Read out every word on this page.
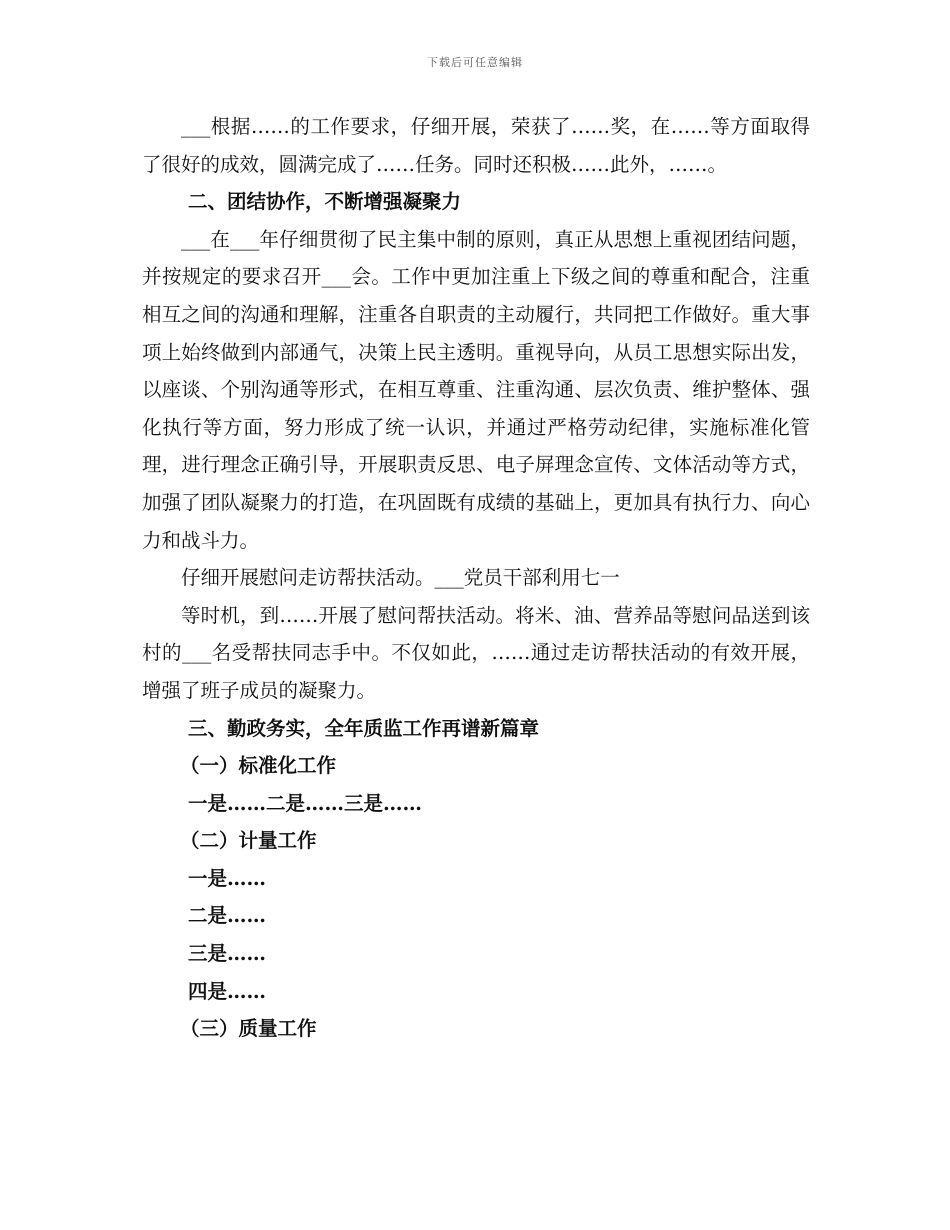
下载后可任意编辑

___根据……的工作要求，仔细开展，荣获了……奖，在……等方面取得了很好的成效，圆满完成了……任务。同时还积极……此外，……。

二、团结协作，不断增强凝聚力

___在___年仔细贯彻了民主集中制的原则，真正从思想上重视团结问题，并按规定的要求召开___会。工作中更加注重上下级之间的尊重和配合，注重相互之间的沟通和理解，注重各自职责的主动履行，共同把工作做好。重大事项上始终做到内部通气，决策上民主透明。重视导向，从员工思想实际出发，以座谈、个别沟通等形式，在相互尊重、注重沟通、层次负责、维护整体、强化执行等方面，努力形成了统一认识，并通过严格劳动纪律，实施标准化管理，进行理念正确引导，开展职责反思、电子屏理念宣传、文体活动等方式，加强了团队凝聚力的打造，在巩固既有成绩的基础上，更加具有执行力、向心力和战斗力。

仔细开展慰问走访帮扶活动。___党员干部利用七一

等时机，到……开展了慰问帮扶活动。将米、油、营养品等慰问品送到该村的___名受帮扶同志手中。不仅如此，……通过走访帮扶活动的有效开展，增强了班子成员的凝聚力。

三、勤政务实，全年质监工作再谱新篇章

（一）标准化工作

一是……二是……三是……

（二）计量工作

一是……

二是……

三是……

四是……

（三）质量工作
